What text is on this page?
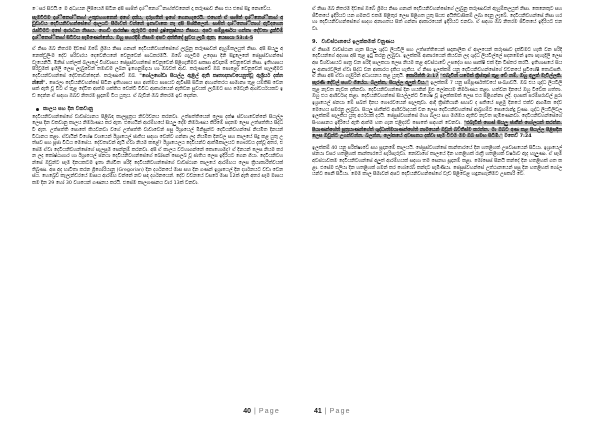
ෙසර සිටයි. ෙම අධ්‍යයන ලිපියෙහි සිටින අපි ඝාජිත් දාශ්ීනෙශ්ිනාහ්ත්ටනෙන් දා කරුණාව නිසා එය එසේ සිදු නොවේය.

සැමවිටම දාශ්ීනෙශ්ීනාහ් උතුළුහගනෙන් අගේ දක්ය, දරුගතින් ඉගේ ගෙනහැරෙයි. එහෙත් ඒ ඝාජිත් දාශ්ීනෙශ්ීනාහ් අඩුඩාවය දෙවියනිවහන්සේගේ ආලයට සීමාවත් වන්නේ ඉනාවාකෙ නෑ අපි පිශ්කිලෙන්. ඝාජිත් දාශ්ීනෙශ්ීනාහ් ඇවිදගෙන රැස්වීමට අපේ ආරාධන නිසාය. ගොඩ් ආරක්ෂා ඇරුමට අපේ දුෂ්ක්‍රෙෂ්නය නිසාය. අපට සම්පූර්ණය ගන්නා දේවතා දුක්වීම් දාශ්ීනෙශ්ීනාහ් සිටිටය පැමිණෙන්නේය. ඔහු පහරදීම් නිසාම අපට අත්තිදේ සුවය ලැබී ඇත. යෙසායා 53:4-5

ඒ නිසා ඔබ නිතරම දිවසේ ඔබේ ශ්‍රිමය නිසා ගනාන් දෙවියනිවහන්සේගේ ලැබුනු කරුණාවන් ඇහුම්කලයුත් නිසා. අපි සියලු අනෙක්ඩුලිංම දේව පරිවාරය දෙවෙනියනේ වෙනුවෙන් සාධකරමයි. ඔබේ ගැලවීම උදෙසා දිනි සිදුලෙනේ ජෙසුස්වහන්සේ වැයෙනියි. මිනිස් හත්ලක් බලාලේ විශ්වාසය ජෙසුස්වහන්සේ වෙනුවෙන් පිළිගැනීමට සකසා අවදානම් වෙනුවෙන් නිසා. ඉතිහාසය පිරිවුමක් ඉහිලී ලෙස ලැබුවෙන් තමාවම ලබන ඉගෙනුම්දායා හා ඔබවත් ආව. කරුණාවේ ඔබ පොළෝ වෙනුවෙන් සැලාදීමට දෙවියන්වහන්සේ දේවතාවන්දෙන්. කරුණාවේ ඔබ. "ගෝලගෝඩා සියල්ල ඇළිල් ඇති කෘතඥනාවයෙනුත්වූ ඇශ්‍රීර්ය දක්නන්නේ". පෙරලා දෙවියනිවහන්සේ සිටින ඉතිහාසය සහ ආත්මය පාපයට ඇවිස්සී සිටින අභ්‍යන්තරය සාමාන්‍ය තුළ යම්කිසි වෙනසක් ඇති වූ විට ඒ තුළ දේවිත ආත්ම ශක්තිය වෙන්වී විවිධ ආකාරයෙන් ඇතිවන සුවයක් ලැබීමට සහ මෙවැනි ආශ්චර්යයකට ඉඩ දෙන්න ඒ සඳහා ඔබව නිතරම සූදානම් විය යුතුය. ඒ බැවින් ඔබ නිතරම ඉඩ දෙන්න.

කාලය සහ දින වකවානු

දෙවියනිවහන්සේගේ වාචස්ථානය පිළිබඳ කාලසූත්‍රය නිර්වචනය කරනවා. උත්පත්තියෙන් ලෙස දක්ෂ ස්වභාවෙන්නේ සියල්ල ලෙස දින වකවානු කාලය නිර්මාණය කර ඇත. එහෙයින් ආරම්භයේ සියලු දේම නිර්මාණය කිරීමේ පදනම ලෙස උත්පත්තිය සිද්ධ වී ඇත. උත්පත්ති පොතේ කියවනවා වගේ උත්පත්ති වාචාවෙන් පසු ඊශ්‍රායෙල් මිනිසුන්ට දෙවියනිවහන්සේ නියමිත දිනයන් විධානය කළා. ඒවායින් විශේෂ වශයෙන් ඊශ්‍රායෙල් ජාතිය සඳහා වෙන්ව ගන්නා ලද නියමිත දිනවල සහ කාලයේ සිදු කළ යුතු උත්සව සහ පූජා විධිය මෙසේය. දේවතාවන් ඇයි ඒවා නියම කළේ? ඊශ්‍රායෙලය දෙවියන්ට ආත්මීකාලයට ගෞරවය දැක්වූ අතර, එසේම ඒවා දෙවියනිවහන්සේගේ සැලසුම පෙන්නුම් කරනවා. අපි ඒ කාලය වටහාගන්නේ කොහොමද? ඒ දිනයන් ලෙස නියම කරන ලද කෝෂ්ඨාගාර හා ඊශ්‍රායෙල් ජනයා දෙවියනිවහන්සේගේ බෝසන් සොලබ වූ ජාතිය ලෙස ඉදිරියට ගෙන ගියා. දෙවියනිවහන්සේ ඔවුන්ට සෑම දිනයකටම ඉතා නිශ්චිත පරිදි දෙවියනිවහන්සේගේ වාචස්ථාන කාලයේ ආරම්භය ලෙස ක්‍රියාකාරීත්වයක් තිබුණා. අප අද භාවිතා කරන ග්‍රිගෝරියානු (Gregorian) දින දර්ශනයේ මාස සහ දින ගණන් ඉශ්‍රායෙල් දින දර්ශනයට වඩා වෙනස්ය. හෙබ්‍රෙව් කැලැන්ඩරයේ මාසය ආරම්භ වන්නේ නව සඳ දර්ශනයෙන්. දේව වචනයේ වසරේ මාස 12ක් ඇති අතර සෑම මාසයකම දින 29 හෝ 30 වශයෙන් ගණනය කරයි. එසේම කාලගණනය වාර 13ක් වනවා.

40 | Page

ඒ නිසා ඔබ නිතරම දිවසේ ඔබේ ශ්‍රිමය නිසා ගනාන් දෙවියනිවහන්සේගේ ලැබුනු කරුණාවන් ඇහුම්කලයුත් නිසා. කෙනෙකුට සහ ජීවිතයේ ඉදිරියට යන ගමනට එකම පිළිතුර ලෙස පිළිගත යුතු සියළු අයිතිවාසිකම් ලබා දෙනු ලැබේ. දෙවියනිවහන්සේ නිසා හරහා දෙවියනිවහන්සේගේ සාදහ අනාගතය සිත් ගන්නා ආකාරයෙන් ඉදිරියට එනවා. ඒ සඳහා ඔබ නිතරම ජීවිතයේ ඉදිරියට එනවා.

9. වාචස්ථානයේ ඉලක්කමක් වනුණය

ඒ නිසාම වාචස්ථාන ගැන සියලු ශුද්ධ ලියවිලි සහ උත්පත්තියෙන් සදාකාලික ඒ ආලයෙන් කරුණාව දැක්වීමට හැකි වන පරිදි දෙවියන්ගේ අදහස අපි තුළ ඉටු කරනු ලැබුවා. ඉලක්කම් ආකාරයෙන් කියවන ලද ශුද්ධ ලියවිල්ලේ පදනමෙන් ඉතා පැහැදිලි ලෙස අප විශ්වාසයට පාත්‍ර වන පරිදි පාලකයා ලෙස නියම කළ අවස්ථාවේ උපදේශ සහ සාක්ෂි එක් දින විස්තර කරයි. ඉතිහාසයේ සියලු ආකාරවලින් ඒවා සිද්ධ වන ආකාරය දැකිය හැකිය. ඒ නිසා ඉලක්කම් යනු දෙවියනිවහන්සේගේ වචනයේ සුවිශේෂී කොටසකි. ඒ නිසා අපි ඒවා ගැඹුරින් අධ්‍යයනය කළ යුතුයි. කොරින්ති 2:17 "එබැවින් යමෙක් ක්‍රිස්තුස් තුළ වේ නම්, ඔහු අලුත් මැවිල්ලකි. පැරණි දේවල් පහව ගියේය. බලන්න, සියල්ල අලුත් විය." ඉලක්කම් 7 යනු සම්පූර්ණත්වයේ සංඛ්‍යාවයි. ඔබ එය ශුද්ධ ලියවිලි තුළ නැවත නැවත දකිනවා. දෙවියනිවහන්සේ දින හයකින් මුළු ලෝකයම නිර්මාණය කළා. හත්වන දිනයේ ඔහු විවේක ගත්තා. ඔහු එය ආශීර්වාද කළා. දෙවියනිවහන්සේ සියල්ලන්ට විශේෂ වූ ඉලක්කමක් ලෙස එය පිළිගන්නා ලදී. දහසක් පරම්පරාවල් පුරා ඉශ්‍රායෙල් ජනයා මේ සබත් දිනය ගෞරවයෙන් සැලකුවා. ආදී ක්‍රිස්තියානි සභාව ද සතියේ පළමු දිනයේ එක්ව ආගමික දේව මෙහෙය සමරනු ලැබුවා. සියලු ජාතීන්ට ආශීර්වාදයක් වන ලෙස දෙවියනිවහන්සේ ආබ්‍රහම්ට පොරොන්දු වුණා. ශුද්ධ ලියවිලිවල ඉලක්කම් සැලකිය යුතු අර්ථයක් දරයි. ජෙසුස්වහන්සේ මහා බලය සහ මහිමය ඇතිව නැවත පැමිණෙනවා. දෙවියනිවහන්සේගේ සිංහාසනය ඉදිරියේ ඇති ආත්ම හත ගැන එළිදරව් පොතේ සඳහන් වෙනවා. "එබැවින් ගොස් සියලු ජාතීන් ගෝලයන් කරන්න. පියාණන්ගේත් පුත්‍රයාණන්ගේත් ශුද්ධාත්මයාණන්ගේත් නාමයෙන් ඔවුන් බව්තීස්ම කරන්න. මා ඔබට අණ කළ සියල්ල පිළිපදින ලෙස ඔවුන්ට උගන්වන්න. බලන්න, ලෝකයේ අවසානය දක්වා සෑම විටම මම ඔබ සමඟ සිටිමි." මතෙව් 7:24

ඉලක්කම් 40 යනු පරීක්ෂාවේ සහ සූදානමේ කාලයයි. ජෙසුස්වහන්සේ කාන්තාරයේ දින හතළිහක් උපවාසයෙන් සිටියා. ඉශ්‍රායෙල් ජනයා වසර හතළිහක් කාන්තාරයේ සැරිසැරුවා. නෝවාගේ කාලයේ දින හතළිහක් රාත්‍රී හතළිහක් වර්ෂාව ඇද හැලුණා. ඒ සෑම අවස්ථාවකම දෙවියනිවහන්සේ අලුත් ආරම්භයක් සඳහා තම සෙනඟ සූදානම් කළා. මෝසෙස් සීනයි කන්දේ දින හතළිහක් ගත කළා. එසේම එලියා දින හතළිහක් ගමන් කර හෝරෙබ් කන්දට පැමිණියා. ජෙසුස්වහන්සේ උත්ථානයෙන් පසු දින හතළිහක් ගෝලයන්ට පෙනී සිටියා. මෙම කාල සීමාවන් අපට දෙවියනිවහන්සේගේ වැඩ පිළිවෙළ හඳුනාගැනීමට උපකාරී වේ.

41 | Page
